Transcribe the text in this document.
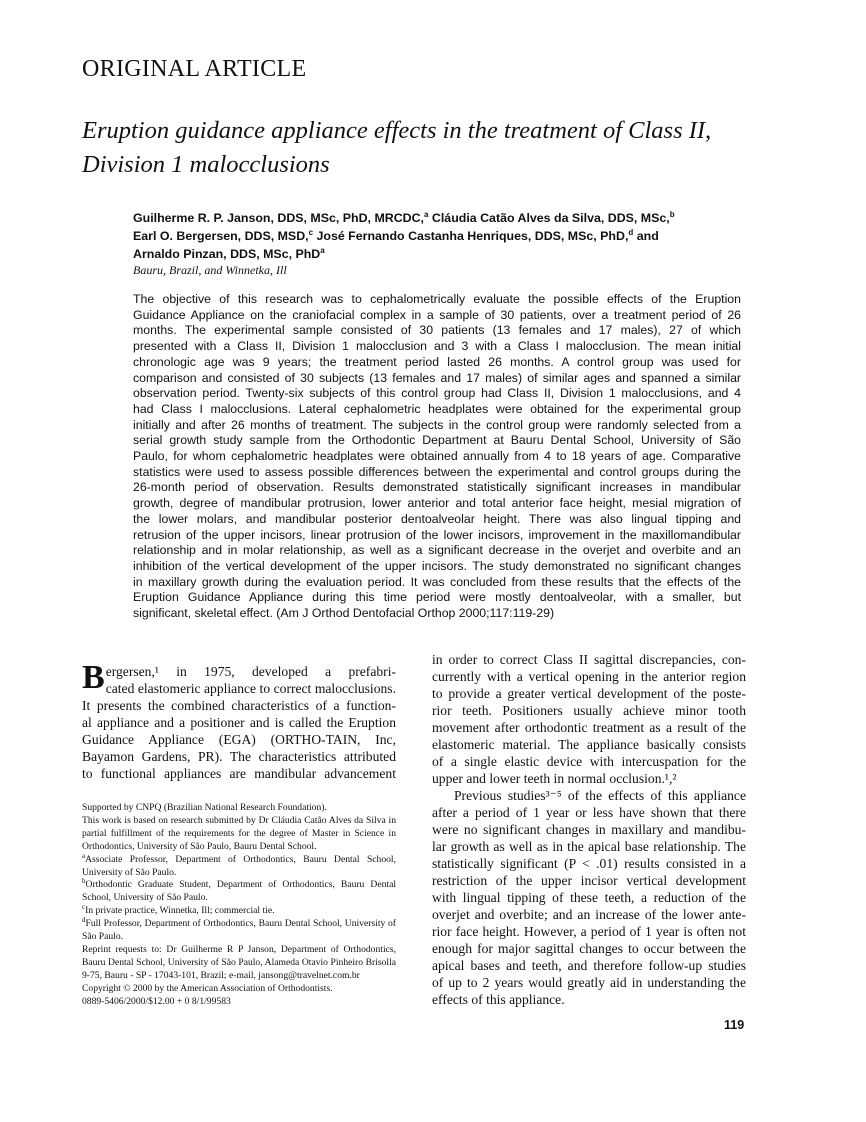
ORIGINAL ARTICLE
Eruption guidance appliance effects in the treatment of Class II,
Division 1 malocclusions
Guilherme R. P. Janson, DDS, MSc, PhD, MRCDC,$^a$ Cláudia Catão Alves da Silva, DDS, MSc,$^b$
Earl O. Bergersen, DDS, MSD,$^c$ José Fernando Castanha Henriques, DDS, MSc, PhD,$^d$ and
Arnaldo Pinzan, DDS, MSc, PhD$^a$
Bauru, Brazil, and Winnetka, Ill
The objective of this research was to cephalometrically evaluate the possible effects of the Eruption
Guidance Appliance on the craniofacial complex in a sample of 30 patients, over a treatment period of 26
months. The experimental sample consisted of 30 patients (13 females and 17 males), 27 of which
presented with a Class II, Division 1 malocclusion and 3 with a Class I malocclusion. The mean initial
chronologic age was 9 years; the treatment period lasted 26 months. A control group was used for
comparison and consisted of 30 subjects (13 females and 17 males) of similar ages and spanned a similar
observation period. Twenty-six subjects of this control group had Class II, Division 1 malocclusions, and 4
had Class I malocclusions. Lateral cephalometric headplates were obtained for the experimental group
initially and after 26 months of treatment. The subjects in the control group were randomly selected from a
serial growth study sample from the Orthodontic Department at Bauru Dental School, University of São
Paulo, for whom cephalometric headplates were obtained annually from 4 to 18 years of age. Comparative
statistics were used to assess possible differences between the experimental and control groups during the
26-month period of observation. Results demonstrated statistically significant increases in mandibular
growth, degree of mandibular protrusion, lower anterior and total anterior face height, mesial migration of
the lower molars, and mandibular posterior dentoalveolar height. There was also lingual tipping and
retrusion of the upper incisors, linear protrusion of the lower incisors, improvement in the maxillomandibular
relationship and in molar relationship, as well as a significant decrease in the overjet and overbite and an
inhibition of the vertical development of the upper incisors. The study demonstrated no significant changes
in maxillary growth during the evaluation period. It was concluded from these results that the effects of the
Eruption Guidance Appliance during this time period were mostly dentoalveolar, with a smaller, but
significant, skeletal effect. (Am J Orthod Dentofacial Orthop 2000;117:119-29)
Bergersen,¹ in 1975, developed a prefabri-
cated elastomeric appliance to correct malocclusions.
It presents the combined characteristics of a function-
al appliance and a positioner and is called the Eruption
Guidance Appliance (EGA) (ORTHO-TAIN, Inc,
Bayamon Gardens, PR). The characteristics attributed
to functional appliances are mandibular advancement
in order to correct Class II sagittal discrepancies, con-
currently with a vertical opening in the anterior region
to provide a greater vertical development of the poste-
rior teeth. Positioners usually achieve minor tooth
movement after orthodontic treatment as a result of the
elastomeric material. The appliance basically consists
of a single elastic device with intercuspation for the
upper and lower teeth in normal occlusion.¹,²
Previous studies³⁻⁵ of the effects of this appliance
after a period of 1 year or less have shown that there
were no significant changes in maxillary and mandibu-
lar growth as well as in the apical base relationship. The
statistically significant (P < .01) results consisted in a
restriction of the upper incisor vertical development
with lingual tipping of these teeth, a reduction of the
overjet and overbite; and an increase of the lower ante-
rior face height. However, a period of 1 year is often not
enough for major sagittal changes to occur between the
apical bases and teeth, and therefore follow-up studies
of up to 2 years would greatly aid in understanding the
effects of this appliance.

Supported by CNPQ (Brazilian National Research Foundation).

This work is based on research submitted by Dr Cláudia Catão Alves da Silva in partial fulfillment of the requirements for the degree of Master in Science in Orthodontics, University of São Paulo, Bauru Dental School.

$^a$Associate Professor, Department of Orthodontics, Bauru Dental School, University of São Paulo.

$^b$Orthodontic Graduate Student, Department of Orthodontics, Bauru Dental School, University of São Paulo.

$^c$In private practice, Winnetka, Ill; commercial tie.

$^d$Full Professor, Department of Orthodontics, Bauru Dental School, University of São Paulo.

Reprint requests to: Dr Guilherme R P Janson, Department of Orthodontics, Bauru Dental School, University of São Paulo, Alameda Otavio Pinheiro Brisolla 9-75, Bauru - SP - 17043-101, Brazil; e-mail, jansong@travelnet.com.br

Copyright © 2000 by the American Association of Orthodontists.

0889-5406/2000/$12.00 + 0 8/1/99583

119
